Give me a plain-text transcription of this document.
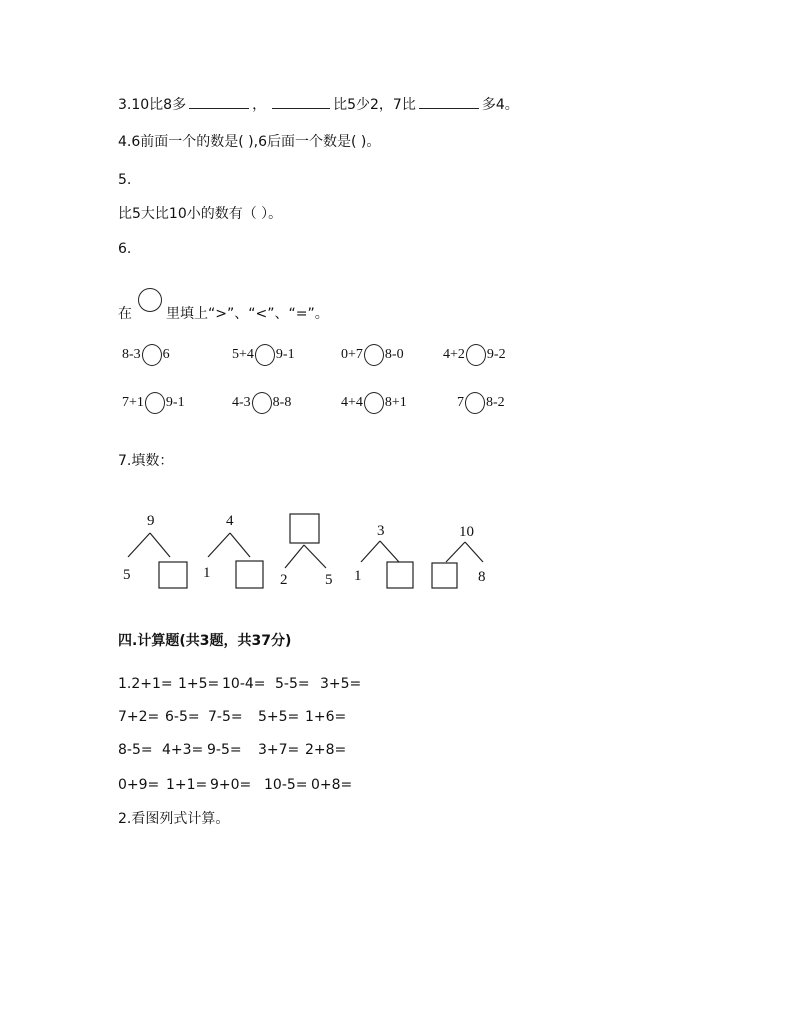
3.10比8多	，	比5少2，7比	多4。
4.6前面一个的数是( ),6后面一个数是( )。
5.
比5大比10小的数有（ ）。
6.
在 里填上“>”、“<”、“=”。
8-3 6	5+4 9-1	0+7 8-0	4+2 9-2
7+1 9-1	4-3 8-8	4+4 8+1	7 8-2
7.填数：
9
5
4
1	2	5
3
1
10
8
四.计算题(共3题，共37分)
1.2+1= 1+5= 10-4= 5-5= 3+5=
7+2= 6-5= 7-5= 5+5= 1+6=
8-5= 4+3= 9-5= 3+7= 2+8=
0+9= 1+1= 9+0= 10-5= 0+8=
2.看图列式计算。
